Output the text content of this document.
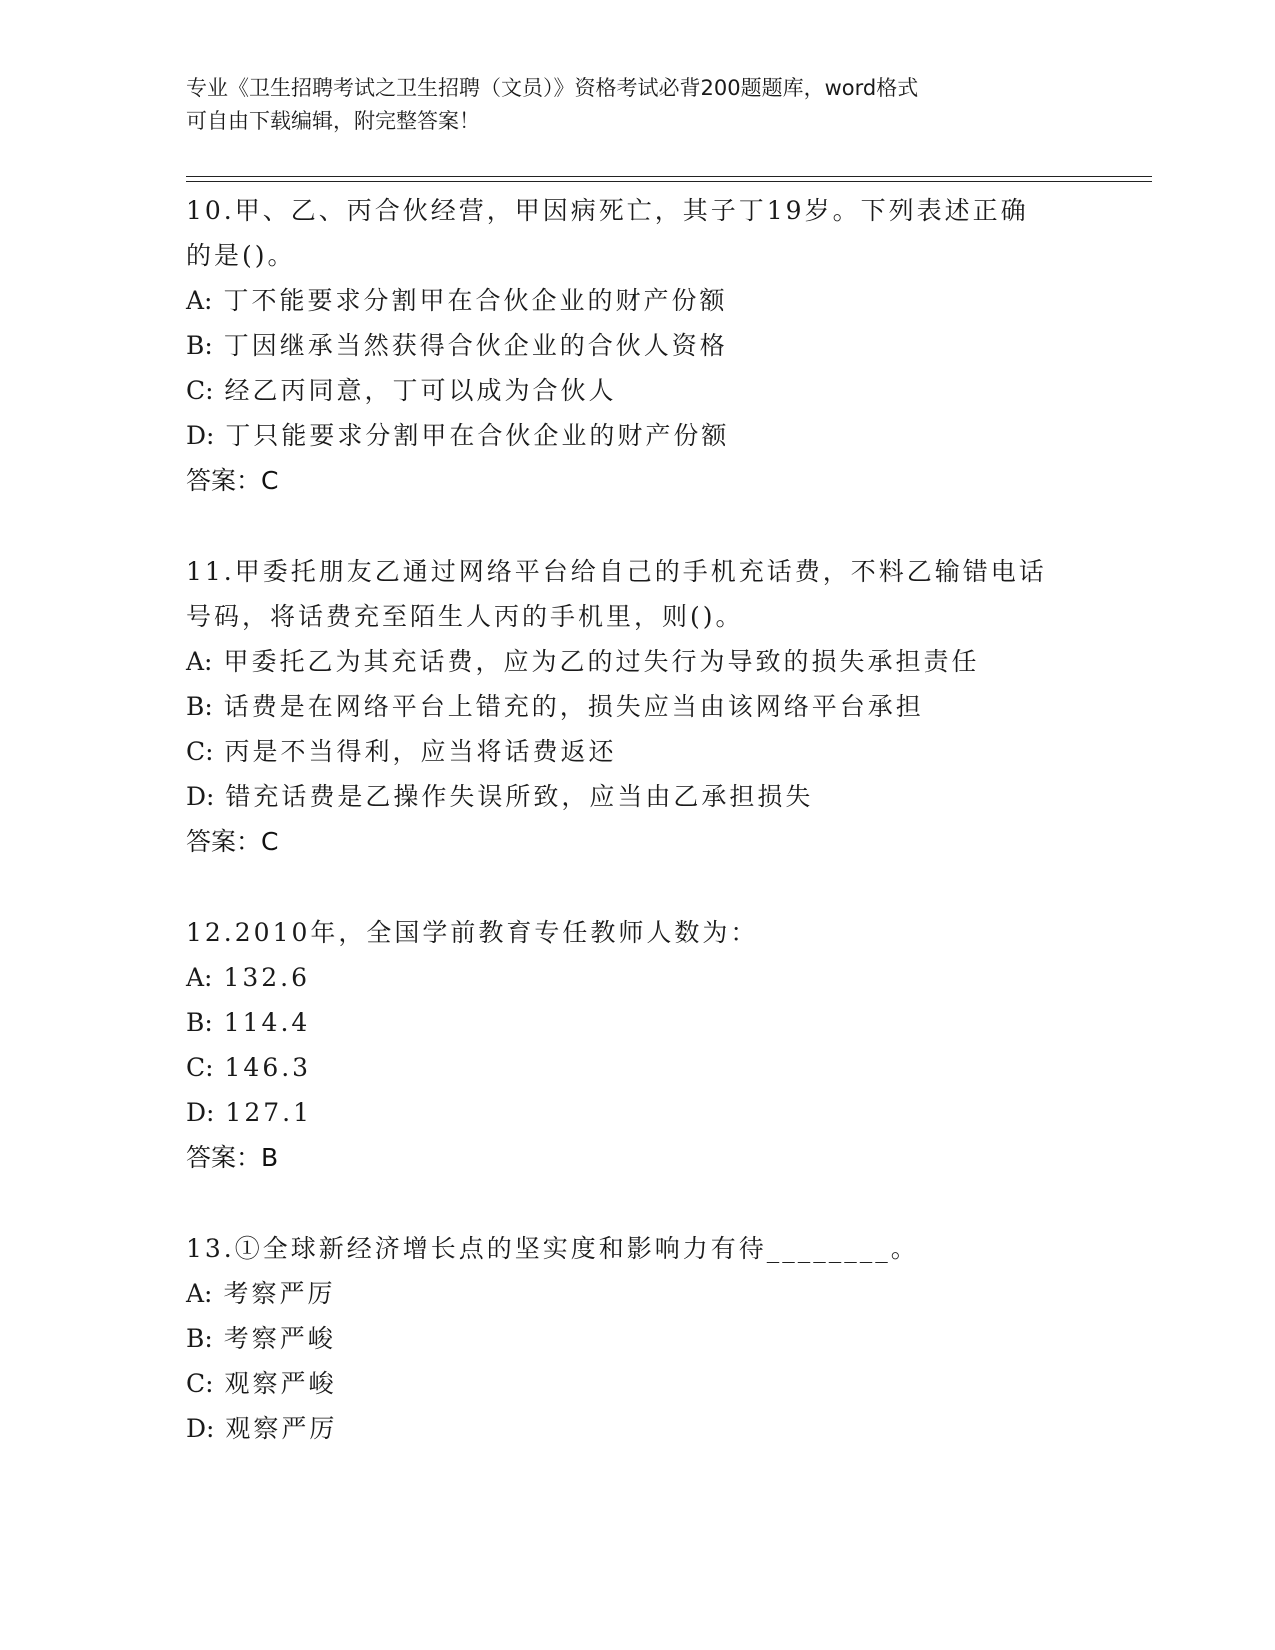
专业《卫生招聘考试之卫生招聘（文员）》资格考试必背200题题库，word格式
可自由下载编辑，附完整答案！

10.甲、乙、丙合伙经营，甲因病死亡，其子丁19岁。下列表述正确

的是()。

A: 丁不能要求分割甲在合伙企业的财产份额

B: 丁因继承当然获得合伙企业的合伙人资格

C: 经乙丙同意，丁可以成为合伙人

D: 丁只能要求分割甲在合伙企业的财产份额

答案：C

11.甲委托朋友乙通过网络平台给自己的手机充话费，不料乙输错电话

号码，将话费充至陌生人丙的手机里，则()。

A: 甲委托乙为其充话费，应为乙的过失行为导致的损失承担责任

B: 话费是在网络平台上错充的，损失应当由该网络平台承担

C: 丙是不当得利，应当将话费返还

D: 错充话费是乙操作失误所致，应当由乙承担损失

答案：C

12.2010年，全国学前教育专任教师人数为：

A: 132.6

B: 114.4

C: 146.3

D: 127.1

答案：B

13.①全球新经济增长点的坚实度和影响力有待________。

A: 考察严厉

B: 考察严峻

C: 观察严峻

D: 观察严厉
